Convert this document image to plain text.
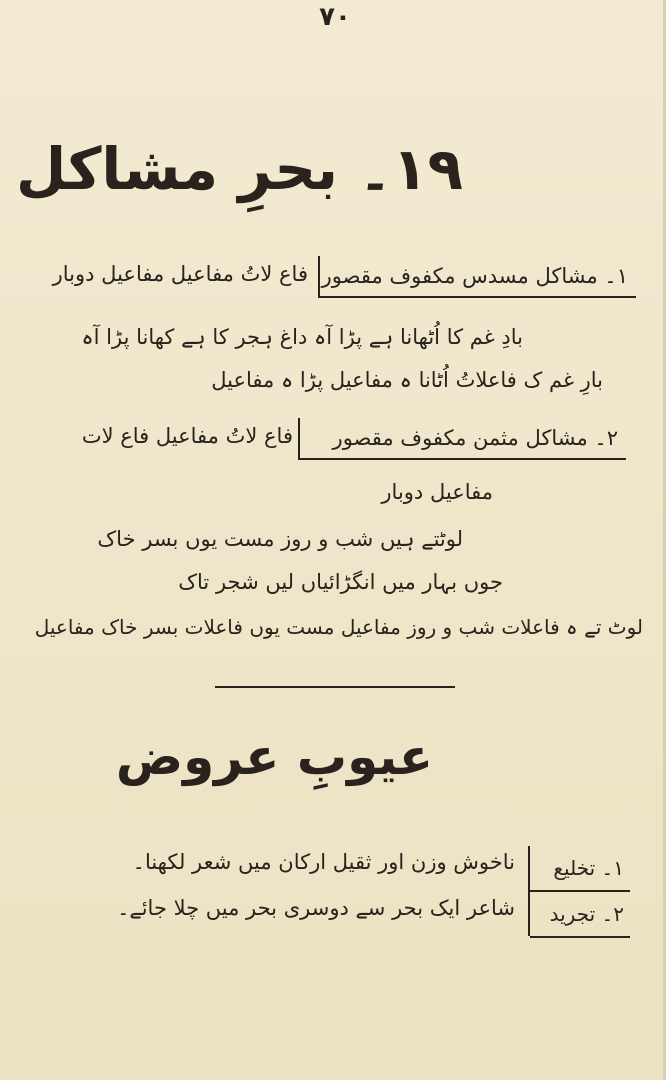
۷۰
۱۹۔ بحرِ مشاکل
۱۔ مشاکل مسدس مکفوف مقصور
فاع لاتُ مفاعیل مفاعیل دوبار
بادِ غم کا اُٹھانا ہے پڑا آہ داغ ہجر کا ہے کھانا پڑا آہ
بارِ غم ک فاعلاتُ اُٹانا ہ مفاعیل پڑا ہ مفاعیل
۲۔ مشاکل مثمن مکفوف مقصور
فاع لاتُ مفاعیل فاع لات
مفاعیل دوبار
لوٹتے ہیں شب و روز مست یوں بسر خاک
جوں بہار میں انگڑائیاں لیں شجر تاک
لوٹ تے ہ فاعلات شب و روز مفاعیل مست یوں فاعلات بسر خاک مفاعیل
عیوبِ عروض
۱۔ تخلیع
۲۔ تجرید
ناخوش وزن اور ثقیل ارکان میں شعر لکھنا۔
شاعر ایک بحر سے دوسری بحر میں چلا جائے۔
